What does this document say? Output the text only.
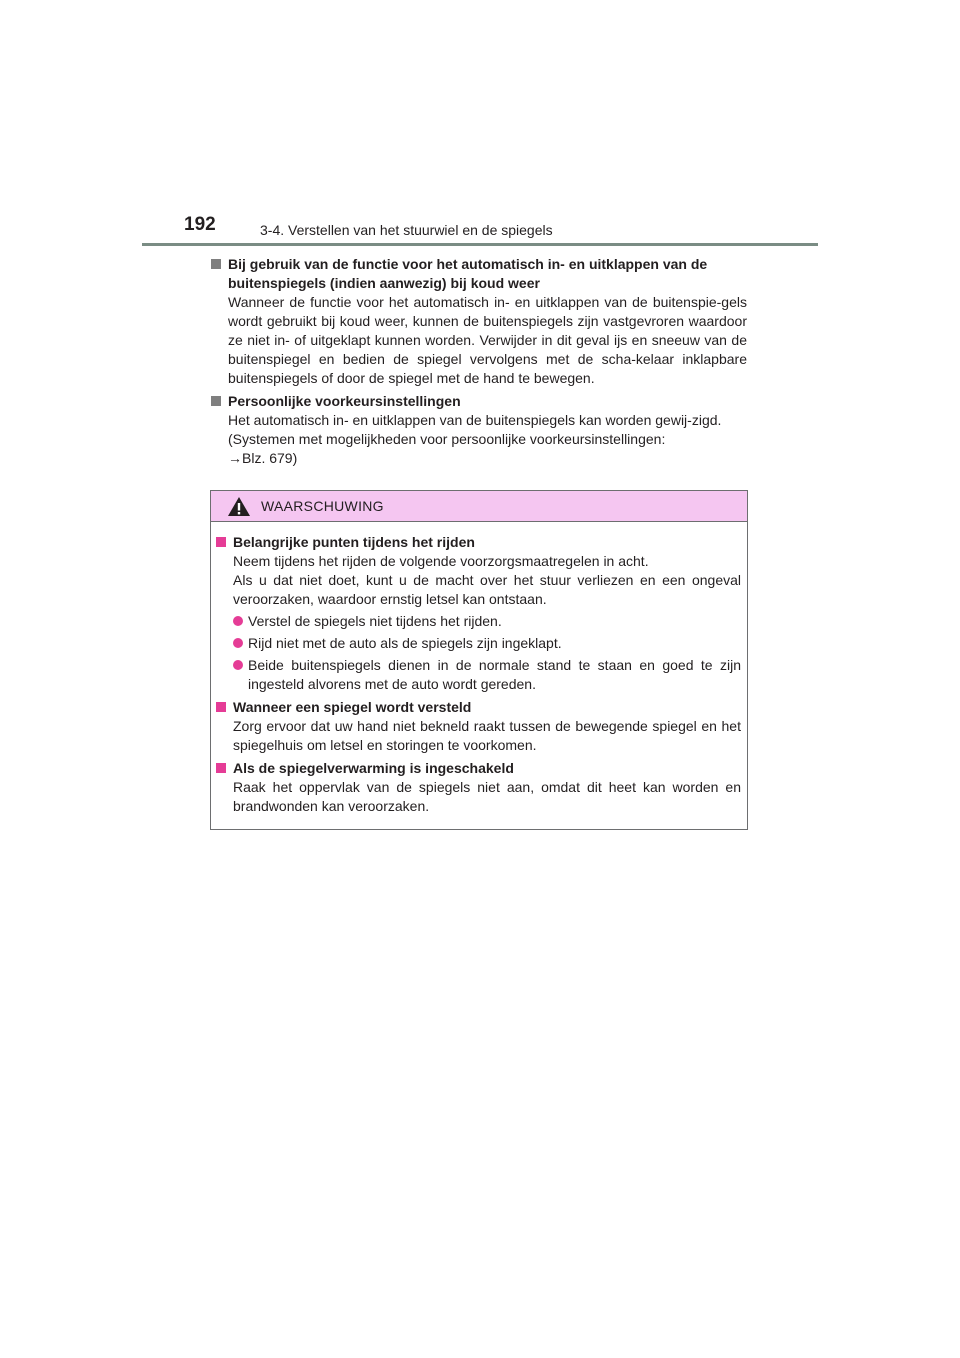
192	3-4. Verstellen van het stuurwiel en de spiegels
Bij gebruik van de functie voor het automatisch in- en uitklappen van de buitenspiegels (indien aanwezig) bij koud weer
Wanneer de functie voor het automatisch in- en uitklappen van de buitenspie-gels wordt gebruikt bij koud weer, kunnen de buitenspiegels zijn vastgevroren waardoor ze niet in- of uitgeklapt kunnen worden. Verwijder in dit geval ijs en sneeuw van de buitenspiegel en bedien de spiegel vervolgens met de scha-kelaar inklapbare buitenspiegels of door de spiegel met de hand te bewegen.
Persoonlijke voorkeursinstellingen
Het automatisch in- en uitklappen van de buitenspiegels kan worden gewij-zigd.
(Systemen met mogelijkheden voor persoonlijke voorkeursinstellingen:
→Blz. 679)
WAARSCHUWING
Belangrijke punten tijdens het rijden
Neem tijdens het rijden de volgende voorzorgsmaatregelen in acht.
Als u dat niet doet, kunt u de macht over het stuur verliezen en een ongeval veroorzaken, waardoor ernstig letsel kan ontstaan.
Verstel de spiegels niet tijdens het rijden.
Rijd niet met de auto als de spiegels zijn ingeklapt.
Beide buitenspiegels dienen in de normale stand te staan en goed te zijn ingesteld alvorens met de auto wordt gereden.
Wanneer een spiegel wordt versteld
Zorg ervoor dat uw hand niet bekneld raakt tussen de bewegende spiegel en het spiegelhuis om letsel en storingen te voorkomen.
Als de spiegelverwarming is ingeschakeld
Raak het oppervlak van de spiegels niet aan, omdat dit heet kan worden en brandwonden kan veroorzaken.
